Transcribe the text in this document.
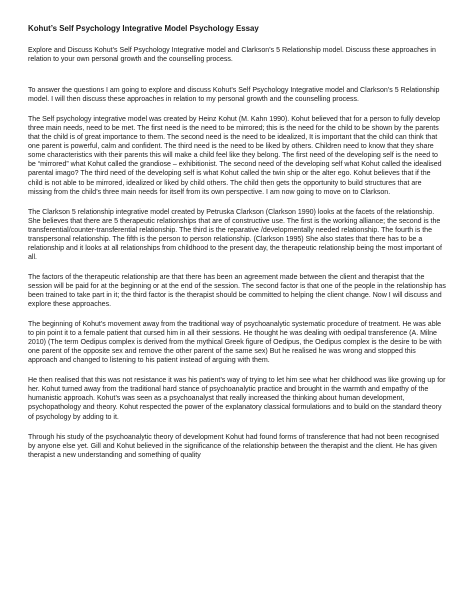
Kohut’s Self Psychology Integrative Model Psychology Essay

Explore and Discuss Kohut’s Self Psychology Integrative model and Clarkson’s 5 Relationship model. Discuss these approaches in relation to your own personal growth and the counselling process.

To answer the questions I am going to explore and discuss Kohut’s Self Psychology Integrative model and Clarkson’s 5 Relationship model. I will then discuss these approaches in relation to my personal growth and the counselling process.

The Self psychology integrative model was created by Heinz Kohut (M. Kahn 1990). Kohut believed that for a person to fully develop three main needs, need to be met. The first need is the need to be mirrored; this is the need for the child to be shown by the parents that the child is of great importance to them. The second need is the need to be idealized, It is important that the child can think that one parent is powerful, calm and confident. The third need is the need to be liked by others. Children need to know that they share some characteristics with their parents this will make a child feel like they belong. The first need of the developing self is the need to be “mirrored” what Kohut called the grandiose – exhibitionist. The second need of the developing self what Kohut called the idealised parental imago? The third need of the developing self is what Kohut called the twin ship or the alter ego. Kohut believes that if the child is not able to be mirrored, idealized or liked by child others. The child then gets the opportunity to build structures that are missing from the child’s three main needs for itself from its own perspective. I am now going to move on to Clarkson.

The Clarkson 5 relationship integrative model created by Petruska Clarkson (Clarkson 1990) looks at the facets of the relationship. She believes that there are 5 therapeutic relationships that are of constructive use. The first is the working alliance; the second is the transferential/counter-transferential relationship. The third is the reparative /developmentally needed relationship. The fourth is the transpersonal relationship. The fifth is the person to person relationship. (Clarkson 1995) She also states that there has to be a relationship and it looks at all relationships from childhood to the present day, the therapeutic relationship being the most important of all.

The factors of the therapeutic relationship are that there has been an agreement made between the client and therapist that the session will be paid for at the beginning or at the end of the session. The second factor is that one of the people in the relationship has been trained to take part in it; the third factor is the therapist should be committed to helping the client change. Now I will discuss and explore these approaches.

The beginning of Kohut’s movement away from the traditional way of psychoanalytic systematic procedure of treatment. He was able to pin point it to a female patient that cursed him in all their sessions. He thought he was dealing with oedipal transference (A. Milne 2010) (The term Oedipus complex is derived from the mythical Greek figure of Oedipus, the Oedipus complex is the desire to be with one parent of the opposite sex and remove the other parent of the same sex) But he realised he was wrong and stopped this approach and changed to listening to his patient instead of arguing with them.

He then realised that this was not resistance it was his patient’s way of trying to let him see what her childhood was like growing up for her. Kohut turned away from the traditional hard stance of psychoanalytic practice and brought in the warmth and empathy of the humanistic approach. Kohut’s was seen as a psychoanalyst that really increased the thinking about human development, psychopathology and theory. Kohut respected the power of the explanatory classical formulations and to build on the standard theory of psychology by adding to it.

Through his study of the psychoanalytic theory of development Kohut had found forms of transference that had not been recognised by anyone else yet. Gill and Kohut believed in the significance of the relationship between the therapist and the client. He has given therapist a new understanding and something of quality
